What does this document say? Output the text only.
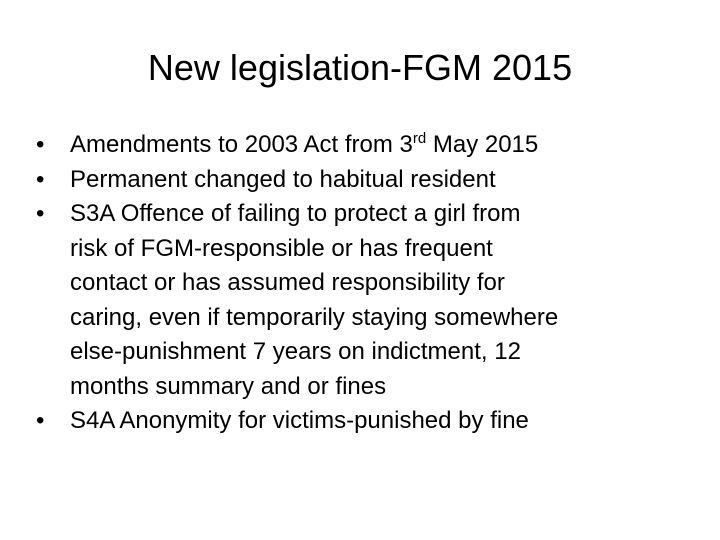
New legislation-FGM 2015
•	Amendments to 2003 Act from 3rd May 2015
•	Permanent changed to habitual resident
•	S3A Offence of failing to protect a girl from
risk of FGM-responsible or has frequent
contact or has assumed responsibility for
caring, even if temporarily staying somewhere
else-punishment 7 years on indictment, 12
months summary and or fines
•	S4A Anonymity for victims-punished by fine
